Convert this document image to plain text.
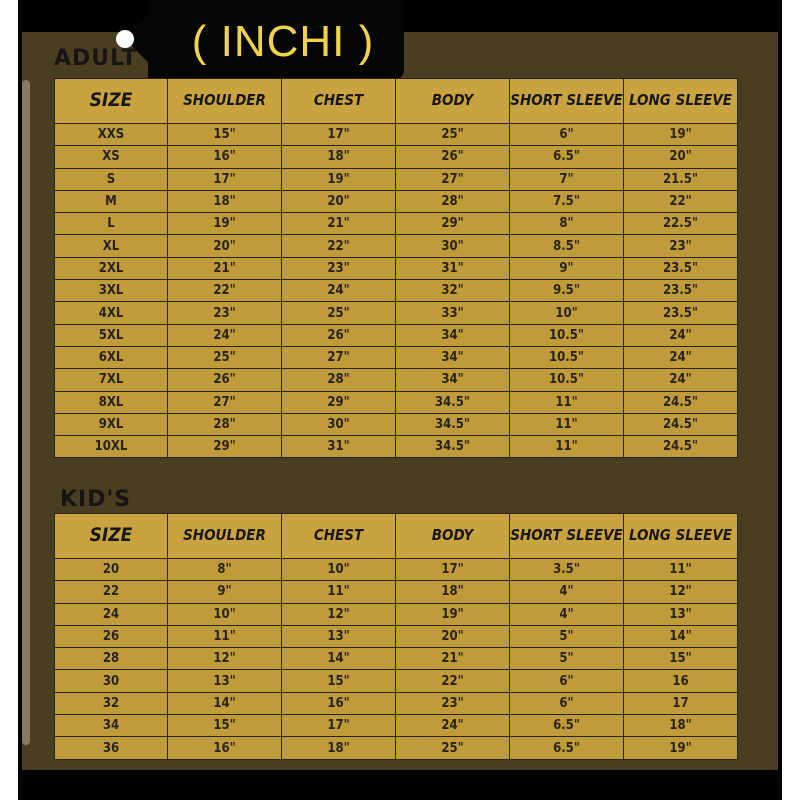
( INCHI )
ADULT
SIZE	SHOULDER	CHEST	BODY	SHORT SLEEVE	LONG SLEEVE
XXS	15"	17"	25"	6"	19"
XS	16"	18"	26"	6.5"	20"
S	17"	19"	27"	7"	21.5"
M	18"	20"	28"	7.5"	22"
L	19"	21"	29"	8"	22.5"
XL	20"	22"	30"	8.5"	23"
2XL	21"	23"	31"	9"	23.5"
3XL	22"	24"	32"	9.5"	23.5"
4XL	23"	25"	33"	10"	23.5"
5XL	24"	26"	34"	10.5"	24"
6XL	25"	27"	34"	10.5"	24"
7XL	26"	28"	34"	10.5"	24"
8XL	27"	29"	34.5"	11"	24.5"
9XL	28"	30"	34.5"	11"	24.5"
10XL	29"	31"	34.5"	11"	24.5"
KID'S
SIZE	SHOULDER	CHEST	BODY	SHORT SLEEVE	LONG SLEEVE
20	8"	10"	17"	3.5"	11"
22	9"	11"	18"	4"	12"
24	10"	12"	19"	4"	13"
26	11"	13"	20"	5"	14"
28	12"	14"	21"	5"	15"
30	13"	15"	22"	6"	16
32	14"	16"	23"	6"	17
34	15"	17"	24"	6.5"	18"
36	16"	18"	25"	6.5"	19"
